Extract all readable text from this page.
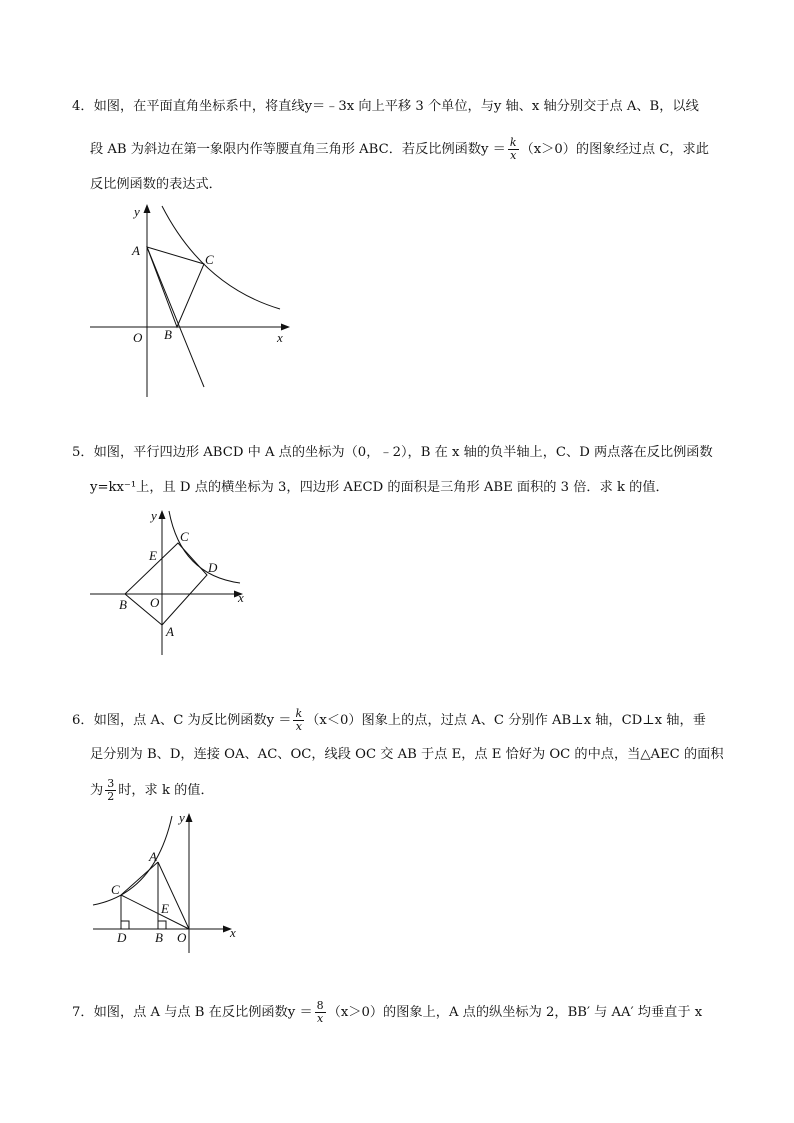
4．如图，在平面直角坐标系中，将直线y＝﹣3x 向上平移 3 个单位，与y 轴、x 轴分别交于点 A、B，以线
段 AB 为斜边在第一象限内作等腰直角三角形 ABC．若反比例函数$y = \frac{k}{x} (x>0)$的图象经过点 C，求此
反比例函数的表达式．
y
A
C
O B	x
5．如图，平行四边形 ABCD 中 A 点的坐标为（0，﹣2），B 在 x 轴的负半轴上，C、D 两点落在反比例函数
y=kx⁻¹上，且 D 点的横坐标为 3，四边形 AECD 的面积是三角形 ABE 面积的 3 倍．求 k 的值．
y
C
E
D
O
B
A
x
6．如图，点 A、C 为反比例函数$y = \frac{k}{x} (x<0)$图象上的点，过点 A、C 分别作 AB⊥x 轴，CD⊥x 轴，垂
足分别为 B、D，连接 OA、AC、OC，线段 OC 交 AB 于点 E，点 E 恰好为 OC 的中点，当△AEC 的面积
为 $\frac{3}{2}$ 时，求 k 的值．
y
A
C
E
D B O	x
7．如图，点 A 与点 B 在反比例函数$y = \frac{8}{x} (x>0)$的图象上，A 点的纵坐标为 2，BB′ 与 AA′ 均垂直于 x
